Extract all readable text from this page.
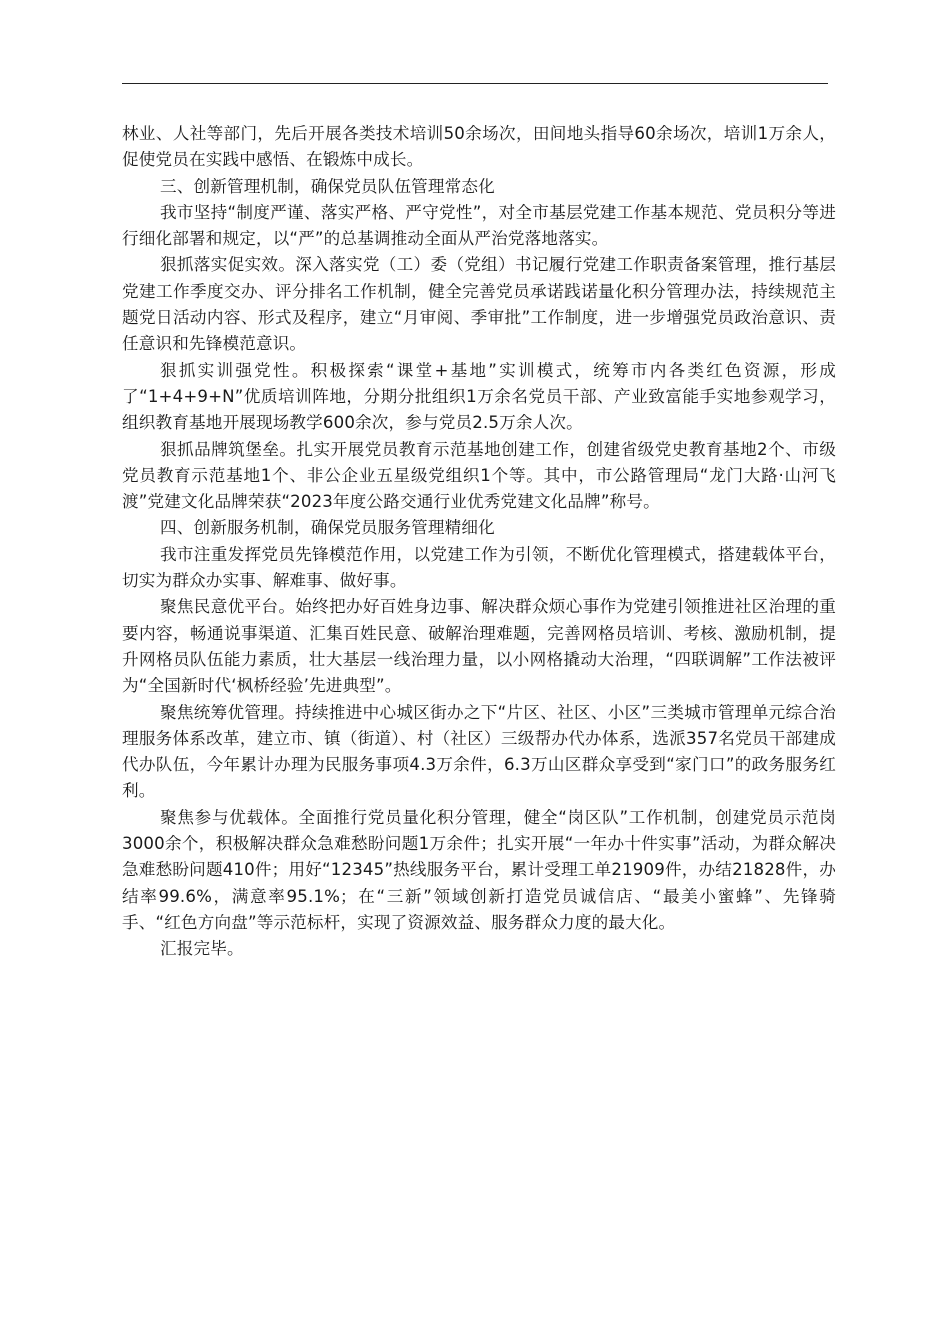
林业、人社等部门，先后开展各类技术培训50余场次，田间地头指导60余场次，培训1万余人，促使党员在实践中感悟、在锻炼中成长。

三、创新管理机制，确保党员队伍管理常态化

我市坚持“制度严谨、落实严格、严守党性”，对全市基层党建工作基本规范、党员积分等进行细化部署和规定，以“严”的总基调推动全面从严治党落地落实。

狠抓落实促实效。深入落实党（工）委（党组）书记履行党建工作职责备案管理，推行基层党建工作季度交办、评分排名工作机制，健全完善党员承诺践诺量化积分管理办法，持续规范主题党日活动内容、形式及程序，建立“月审阅、季审批”工作制度，进一步增强党员政治意识、责任意识和先锋模范意识。

狠抓实训强党性。积极探索“课堂+基地”实训模式，统筹市内各类红色资源，形成了“1+4+9+N”优质培训阵地，分期分批组织1万余名党员干部、产业致富能手实地参观学习，组织教育基地开展现场教学600余次，参与党员2.5万余人次。

狠抓品牌筑堡垒。扎实开展党员教育示范基地创建工作，创建省级党史教育基地2个、市级党员教育示范基地1个、非公企业五星级党组织1个等。其中，市公路管理局“龙门大路·山河飞渡”党建文化品牌荣获“2023年度公路交通行业优秀党建文化品牌”称号。

四、创新服务机制，确保党员服务管理精细化

我市注重发挥党员先锋模范作用，以党建工作为引领，不断优化管理模式，搭建载体平台，切实为群众办实事、解难事、做好事。

聚焦民意优平台。始终把办好百姓身边事、解决群众烦心事作为党建引领推进社区治理的重要内容，畅通说事渠道、汇集百姓民意、破解治理难题，完善网格员培训、考核、激励机制，提升网格员队伍能力素质，壮大基层一线治理力量，以小网格撬动大治理，“四联调解”工作法被评为“全国新时代‘枫桥经验’先进典型”。

聚焦统筹优管理。持续推进中心城区街办之下“片区、社区、小区”三类城市管理单元综合治理服务体系改革，建立市、镇（街道）、村（社区）三级帮办代办体系，选派357名党员干部建成代办队伍，今年累计办理为民服务事项4.3万余件，6.3万山区群众享受到“家门口”的政务服务红利。

聚焦参与优载体。全面推行党员量化积分管理，健全“岗区队”工作机制，创建党员示范岗3000余个，积极解决群众急难愁盼问题1万余件；扎实开展“一年办十件实事”活动，为群众解决急难愁盼问题410件；用好“12345”热线服务平台，累计受理工单21909件，办结21828件，办结率99.6%，满意率95.1%；在“三新”领域创新打造党员诚信店、“最美小蜜蜂”、先锋骑手、“红色方向盘”等示范标杆，实现了资源效益、服务群众力度的最大化。

汇报完毕。
